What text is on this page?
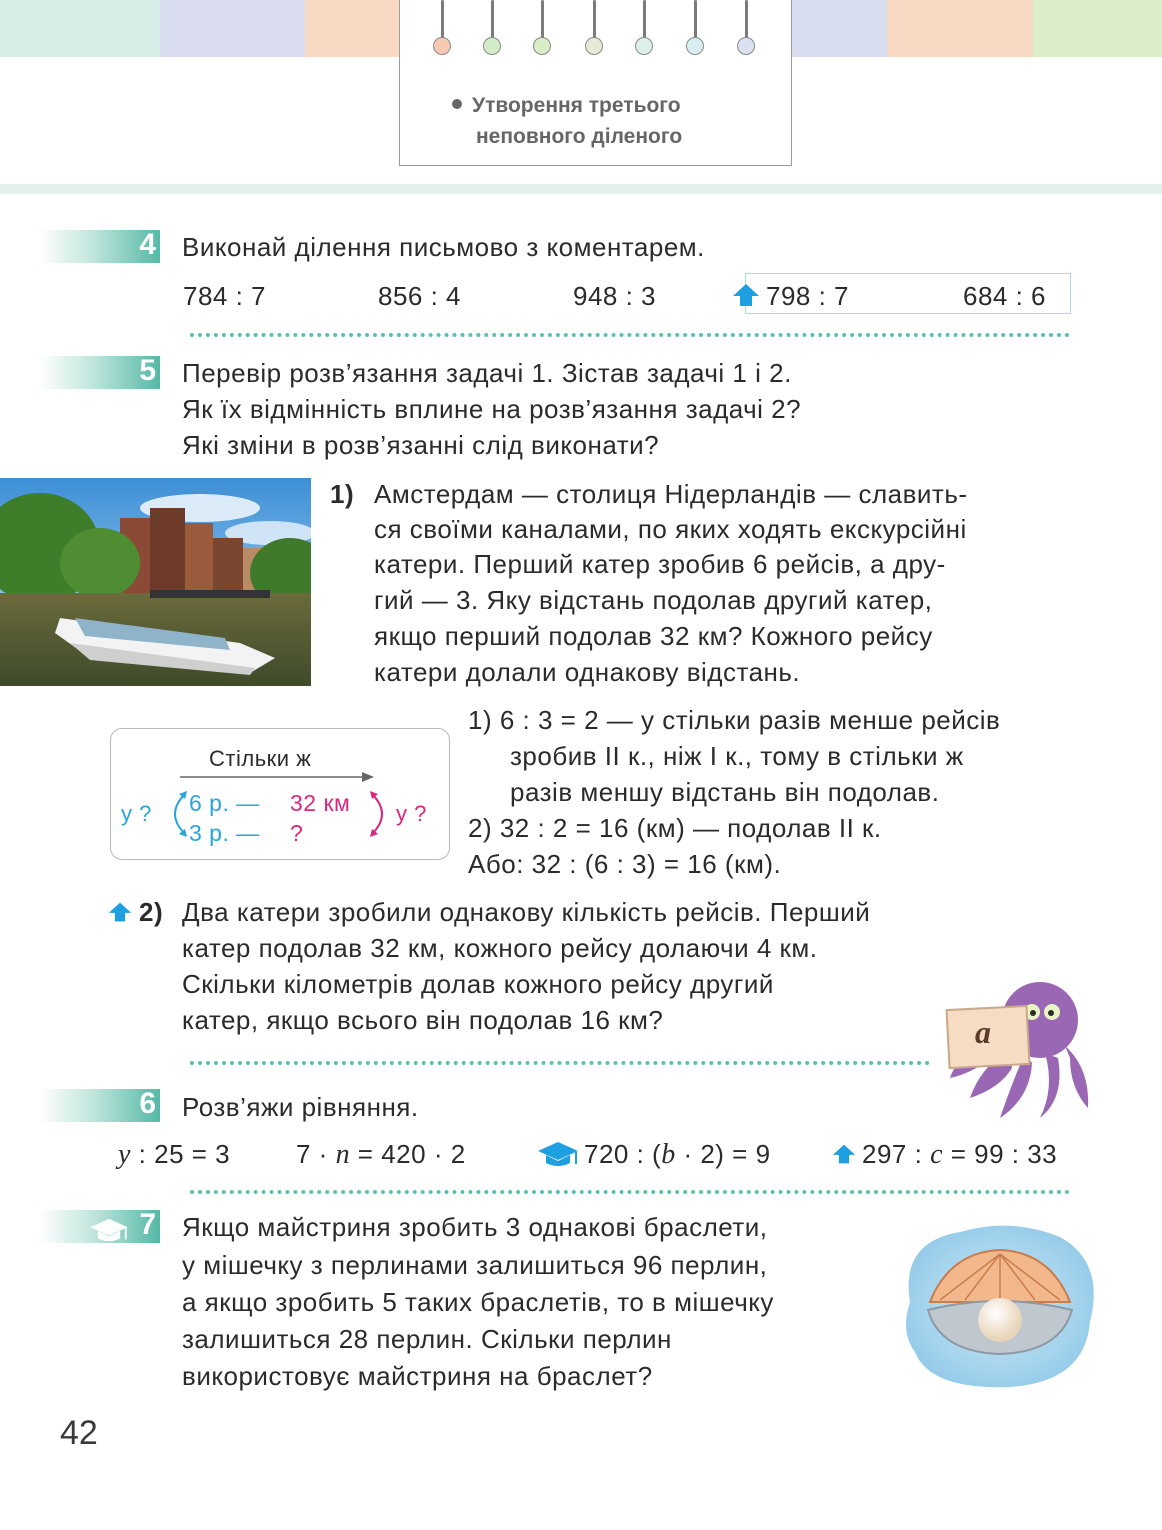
Утворення третього
неповного діленого
4 Виконай ділення письмово з коментарем.
784 : 7	856 : 4	948 : 3	798 : 7	684 : 6
5 Перевір розв’язання задачі 1. Зістав задачі 1 і 2.
Як їх відмінність вплине на розв’язання задачі 2?
Які зміни в розв’язанні слід виконати?
1) Амстердам — столиця Нідерландів — славить-
ся своїми каналами, по яких ходять екскурсійні
катери. Перший катер зробив 6 рейсів, а дру-
гий — 3. Яку відстань подолав другий катер,
якщо перший подолав 32 км? Кожного рейсу
катери долали однакову відстань.
Стільки ж
у ? 6 р. — 32 км
3 р. — ?
у ?
1) 6 : 3 = 2 — у стільки разів менше рейсів
зробив ІІ к., ніж І к., тому в стільки ж
разів меншу відстань він подолав.
2) 32 : 2 = 16 (км) — подолав ІІ к.
Або: 32 : (6 : 3) = 16 (км).
2) Два катери зробили однакову кількість рейсів. Перший
катер подолав 32 км, кожного рейсу долаючи 4 км.
Скільки кілометрів долав кожного рейсу другий
катер, якщо всього він подолав 16 км?	a
6 Розв’яжи рівняння.
y : 25 = 3	7 · n = 420 · 2	720 : (b · 2) = 9	297 : c = 99 : 33
7 Якщо майстриня зробить 3 однакові браслети,
у мішечку з перлинами залишиться 96 перлин,
а якщо зробить 5 таких браслетів, то в мішечку
залишиться 28 перлин. Скільки перлин
використовує майстриня на браслет?
42
